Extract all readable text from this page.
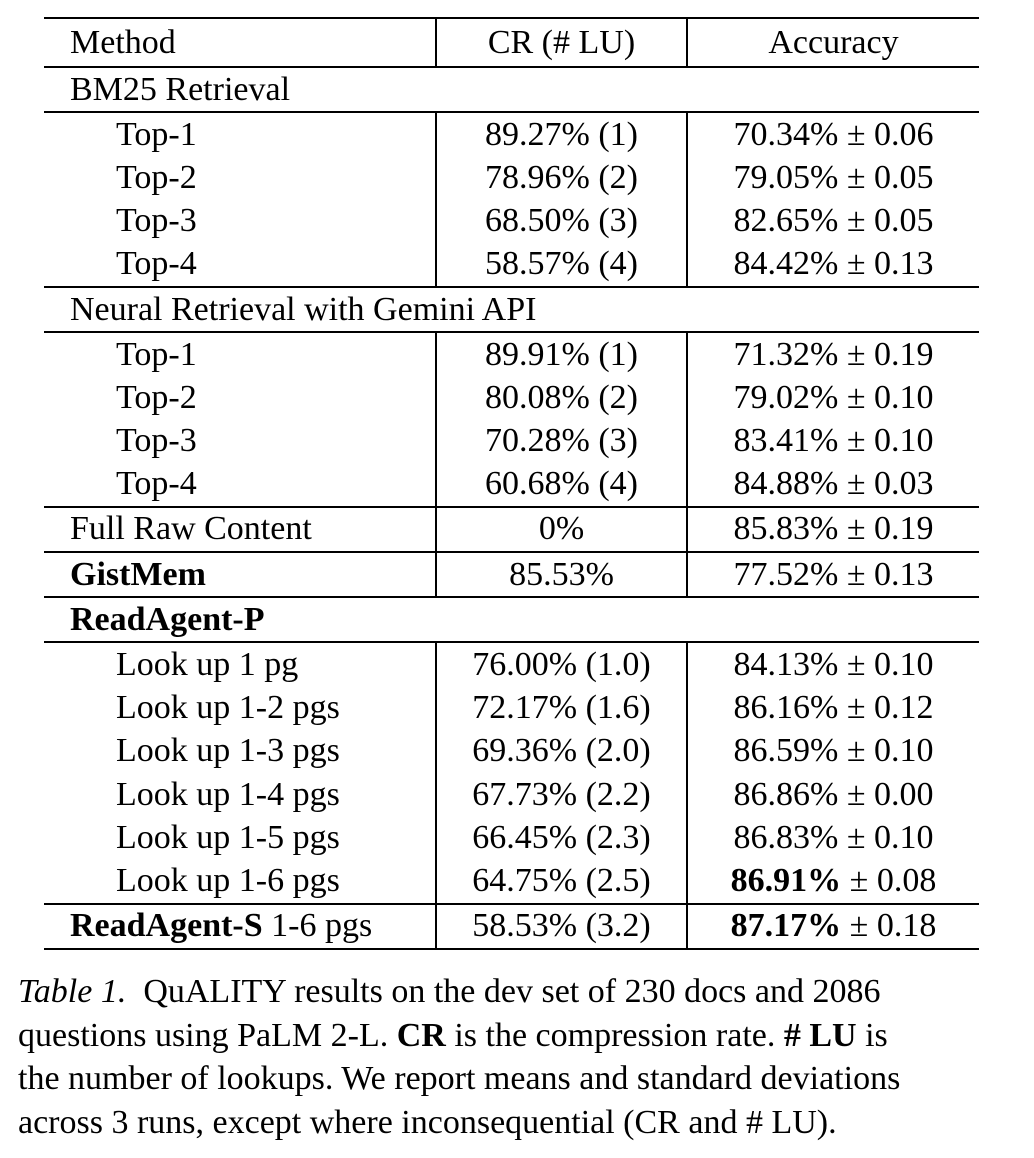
Method	CR (# LU)	Accuracy
BM25 Retrieval		
Top-1	89.27% (1)	70.34% ± 0.06
Top-2	78.96% (2)	79.05% ± 0.05
Top-3	68.50% (3)	82.65% ± 0.05
Top-4	58.57% (4)	84.42% ± 0.13
Neural Retrieval with Gemini API		
Top-1	89.91% (1)	71.32% ± 0.19
Top-2	80.08% (2)	79.02% ± 0.10
Top-3	70.28% (3)	83.41% ± 0.10
Top-4	60.68% (4)	84.88% ± 0.03
Full Raw Content	0%	85.83% ± 0.19
GistMem	85.53%	77.52% ± 0.13
ReadAgent-P		
Look up 1 pg	76.00% (1.0)	84.13% ± 0.10
Look up 1-2 pgs	72.17% (1.6)	86.16% ± 0.12
Look up 1-3 pgs	69.36% (2.0)	86.59% ± 0.10
Look up 1-4 pgs	67.73% (2.2)	86.86% ± 0.00
Look up 1-5 pgs	66.45% (2.3)	86.83% ± 0.10
Look up 1-6 pgs	64.75% (2.5)	86.91% ± 0.08
ReadAgent-S 1-6 pgs	58.53% (3.2)	87.17% ± 0.18

Table 1. QuALITY results on the dev set of 230 docs and 2086
questions using PaLM 2-L. CR is the compression rate. # LU is
the number of lookups. We report means and standard deviations
across 3 runs, except where inconsequential (CR and # LU).
